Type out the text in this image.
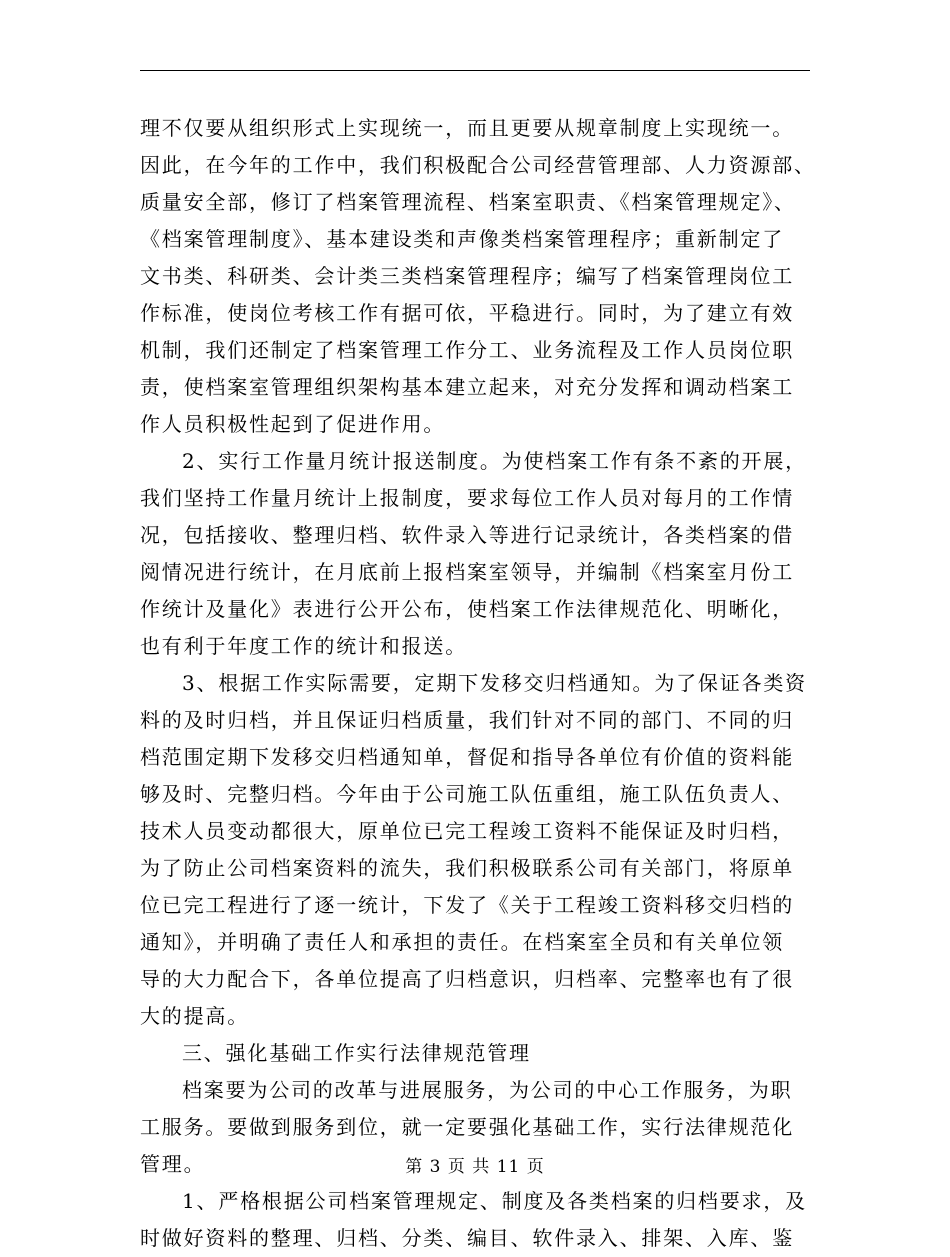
理不仅要从组织形式上实现统一，而且更要从规章制度上实现统一。
因此，在今年的工作中，我们积极配合公司经营管理部、人力资源部、
质量安全部，修订了档案管理流程、档案室职责、《档案管理规定》、
《档案管理制度》、基本建设类和声像类档案管理程序；重新制定了
文书类、科研类、会计类三类档案管理程序；编写了档案管理岗位工
作标准，使岗位考核工作有据可依，平稳进行。同时，为了建立有效
机制，我们还制定了档案管理工作分工、业务流程及工作人员岗位职
责，使档案室管理组织架构基本建立起来，对充分发挥和调动档案工
作人员积极性起到了促进作用。
2、实行工作量月统计报送制度。为使档案工作有条不紊的开展，
我们坚持工作量月统计上报制度，要求每位工作人员对每月的工作情
况，包括接收、整理归档、软件录入等进行记录统计，各类档案的借
阅情况进行统计，在月底前上报档案室领导，并编制《档案室月份工
作统计及量化》表进行公开公布，使档案工作法律规范化、明晰化，
也有利于年度工作的统计和报送。
3、根据工作实际需要，定期下发移交归档通知。为了保证各类资
料的及时归档，并且保证归档质量，我们针对不同的部门、不同的归
档范围定期下发移交归档通知单，督促和指导各单位有价值的资料能
够及时、完整归档。今年由于公司施工队伍重组，施工队伍负责人、
技术人员变动都很大，原单位已完工程竣工资料不能保证及时归档，
为了防止公司档案资料的流失，我们积极联系公司有关部门，将原单
位已完工程进行了逐一统计，下发了《关于工程竣工资料移交归档的
通知》，并明确了责任人和承担的责任。在档案室全员和有关单位领
导的大力配合下，各单位提高了归档意识，归档率、完整率也有了很
大的提高。
三、强化基础工作实行法律规范管理
档案要为公司的改革与进展服务，为公司的中心工作服务，为职
工服务。要做到服务到位，就一定要强化基础工作，实行法律规范化
管理。
1、严格根据公司档案管理规定、制度及各类档案的归档要求，及
时做好资料的整理、归档、分类、编目、软件录入、排架、入库、鉴
第 3 页 共 11 页
